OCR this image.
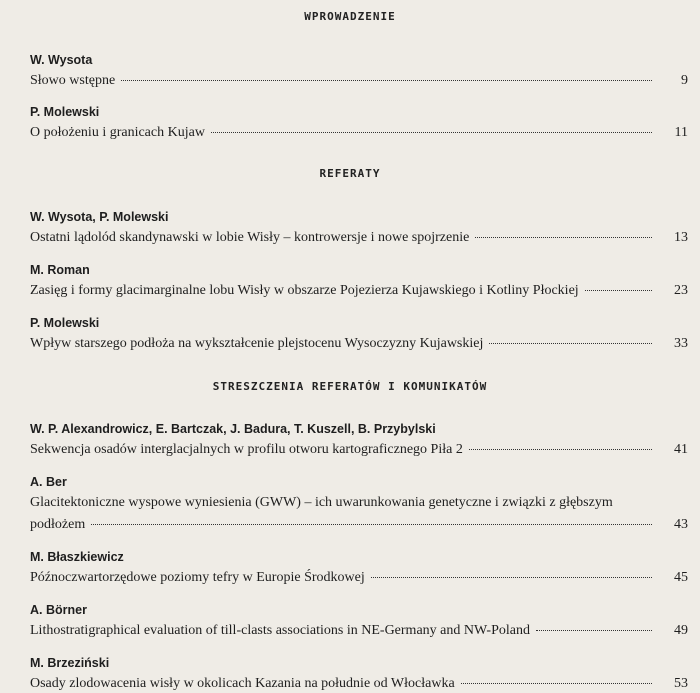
WPROWADZENIE
W. Wysota
Słowo wstępne	9
P. Molewski
O położeniu i granicach Kujaw	11
REFERATY
W. Wysota, P. Molewski
Ostatni lądolód skandynawski w lobie Wisły – kontrowersje i nowe spojrzenie	13
M. Roman
Zasięg i formy glacimarginalne lobu Wisły w obszarze Pojezierza Kujawskiego i Kotliny Płockiej	23
P. Molewski
Wpływ starszego podłoża na wykształcenie plejstocenu Wysoczyzny Kujawskiej	33
STRESZCZENIA REFERATÓW I KOMUNIKATÓW
W. P. Alexandrowicz, E. Bartczak, J. Badura, T. Kuszell, B. Przybylski
Sekwencja osadów interglacjalnych w profilu otworu kartograficznego Piła 2	41
A. Ber
Glacitektoniczne wyspowe wyniesienia (GWW) – ich uwarunkowania genetyczne i związki z głębszym
podłożem	43
M. Błaszkiewicz
Późnoczwartorzędowe poziomy tefry w Europie Środkowej	45
A. Börner
Lithostratigraphical evaluation of till-clasts associations in NE-Germany and NW-Poland	49
M. Brzeziński
Osady zlodowacenia wisły w okolicach Kazania na południe od Włocławka	53
